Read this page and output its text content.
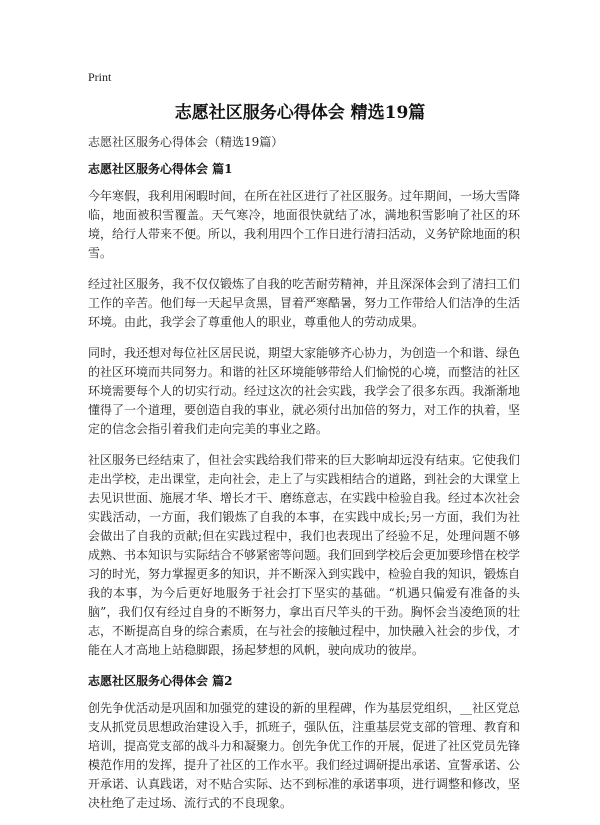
Print
志愿社区服务心得体会 精选19篇
志愿社区服务心得体会（精选19篇）
志愿社区服务心得体会 篇1

今年寒假，我利用闲暇时间，在所在社区进行了社区服务。过年期间，一场大雪降临，地面被积雪覆盖。天气寒冷，地面很快就结了冰，满地积雪影响了社区的环境，给行人带来不便。所以，我利用四个工作日进行清扫活动，义务铲除地面的积雪。

经过社区服务，我不仅仅锻炼了自我的吃苦耐劳精神，并且深深体会到了清扫工们工作的辛苦。他们每一天起早贪黑，冒着严寒酷暑，努力工作带给人们洁净的生活环境。由此，我学会了尊重他人的职业，尊重他人的劳动成果。

同时，我还想对每位社区居民说，期望大家能够齐心协力，为创造一个和谐、绿色的社区环境而共同努力。和谐的社区环境能够带给人们愉悦的心境，而整洁的社区环境需要每个人的切实行动。经过这次的社会实践，我学会了很多东西。我渐渐地懂得了一个道理，要创造自我的事业，就必须付出加倍的努力，对工作的执着，坚定的信念会指引着我们走向完美的事业之路。

社区服务已经结束了，但社会实践给我们带来的巨大影响却远没有结束。它使我们走出学校，走出课堂，走向社会，走上了与实践相结合的道路，到社会的大课堂上去见识世面、施展才华、增长才干、磨练意志，在实践中检验自我。经过本次社会实践活动，一方面，我们锻炼了自我的本事，在实践中成长;另一方面，我们为社会做出了自我的贡献;但在实践过程中，我们也表现出了经验不足，处理问题不够成熟、书本知识与实际结合不够紧密等问题。我们回到学校后会更加要珍惜在校学习的时光，努力掌握更多的知识，并不断深入到实践中，检验自我的知识，锻炼自我的本事，为今后更好地服务于社会打下坚实的基础。“机遇只偏爱有准备的头脑”，我们仅有经过自身的不断努力，拿出百尺竿头的干劲。胸怀会当凌绝顶的壮志，不断提高自身的综合素质，在与社会的接触过程中，加快融入社会的步伐，才能在人才高地上站稳脚跟，扬起梦想的风帆，驶向成功的彼岸。

志愿社区服务心得体会 篇2

创先争优活动是巩固和加强党的建设的新的里程碑，作为基层党组织，__社区党总支从抓党员思想政治建设入手，抓班子，强队伍，注重基层党支部的管理、教育和培训，提高党支部的战斗力和凝聚力。创先争优工作的开展，促进了社区党员先锋模范作用的发挥，提升了社区的工作水平。我们经过调研提出承诺、宣誓承诺、公开承诺、认真践诺，对不贴合实际、达不到标准的承诺事项，进行调整和修改，坚决杜绝了走过场、流行式的不良现象。
